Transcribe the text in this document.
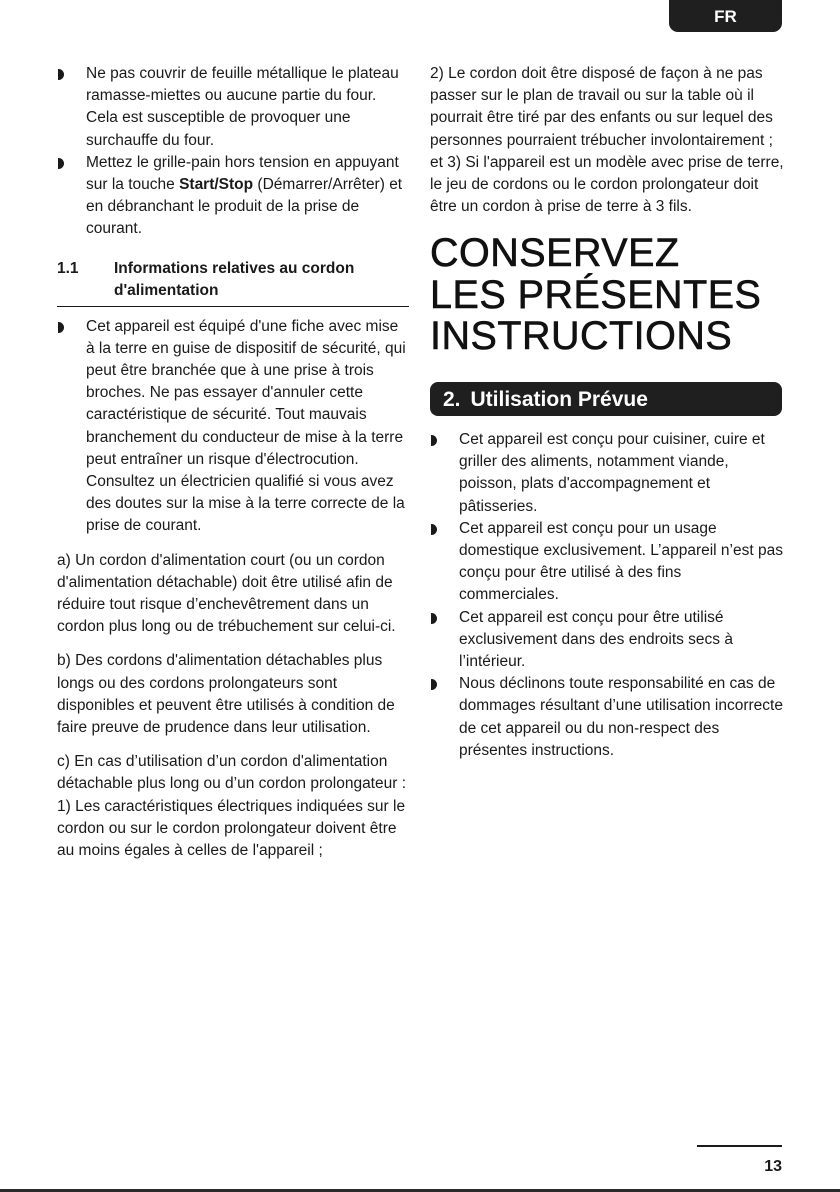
FR
Ne pas couvrir de feuille métallique le plateau ramasse-miettes ou aucune partie du four. Cela est susceptible de provoquer une surchauffe du four.
Mettez le grille-pain hors tension en appuyant sur la touche Start/Stop (Démarrer/Arrêter) et en débranchant le produit de la prise de courant.
1.1 Informations relatives au cordon d'alimentation
Cet appareil est équipé d'une fiche avec mise à la terre en guise de dispositif de sécurité, qui peut être branchée que à une prise à trois broches. Ne pas essayer d'annuler cette caractéristique de sécurité. Tout mauvais branchement du conducteur de mise à la terre peut entraîner un risque d'électrocution. Consultez un électricien qualifié si vous avez des doutes sur la mise à la terre correcte de la prise de courant.

a) Un cordon d'alimentation court (ou un cordon d'alimentation détachable) doit être utilisé afin de réduire tout risque d’enchevêtrement dans un cordon plus long ou de trébuchement sur celui-ci.

b) Des cordons d'alimentation détachables plus longs ou des cordons prolongateurs sont disponibles et peuvent être utilisés à condition de faire preuve de prudence dans leur utilisation.

c) En cas d’utilisation d’un cordon d'alimentation détachable plus long ou d’un cordon prolongateur : 1) Les caractéristiques électriques indiquées sur le cordon ou sur le cordon prolongateur doivent être au moins égales à celles de l'appareil ;

2) Le cordon doit être disposé de façon à ne pas passer sur le plan de travail ou sur la table où il pourrait être tiré par des enfants ou sur lequel des personnes pourraient trébucher involontairement ; et 3) Si l'appareil est un modèle avec prise de terre, le jeu de cordons ou le cordon prolongateur doit être un cordon à prise de terre à 3 fils.

CONSERVEZ
LES PRÉSENTES
INSTRUCTIONS
2. Utilisation Prévue
Cet appareil est conçu pour cuisiner, cuire et griller des aliments, notamment viande, poisson, plats d'accompagnement et pâtisseries.
Cet appareil est conçu pour un usage domestique exclusivement. L’appareil n’est pas conçu pour être utilisé à des fins commerciales.
Cet appareil est conçu pour être utilisé exclusivement dans des endroits secs à l’intérieur.
Nous déclinons toute responsabilité en cas de dommages résultant d’une utilisation incorrecte de cet appareil ou du non-respect des présentes instructions.
13
